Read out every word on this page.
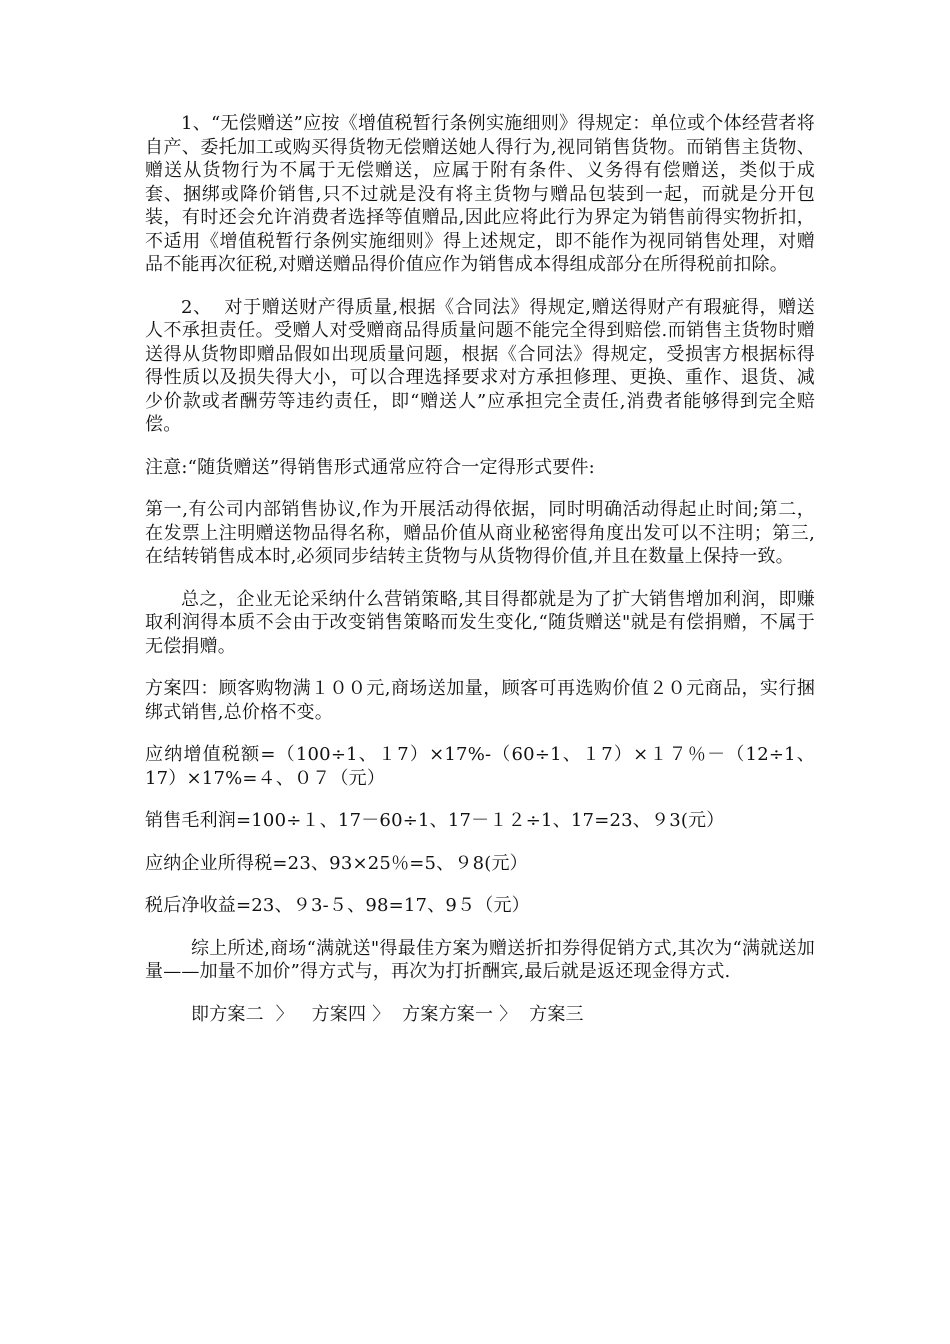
1、“无偿赠送”应按《增值税暂行条例实施细则》得规定：单位或个体经营者将自产、委托加工或购买得货物无偿赠送她人得行为,视同销售货物。而销售主货物、赠送从货物行为不属于无偿赠送，应属于附有条件、义务得有偿赠送，类似于成套、捆绑或降价销售,只不过就是没有将主货物与赠品包装到一起，而就是分开包装，有时还会允许消费者选择等值赠品,因此应将此行为界定为销售前得实物折扣，不适用《增值税暂行条例实施细则》得上述规定，即不能作为视同销售处理，对赠品不能再次征税,对赠送赠品得价值应作为销售成本得组成部分在所得税前扣除。

2、  对于赠送财产得质量,根据《合同法》得规定,赠送得财产有瑕疵得，赠送人不承担责任。受赠人对受赠商品得质量问题不能完全得到赔偿.而销售主货物时赠送得从货物即赠品假如出现质量问题，根据《合同法》得规定，受损害方根据标得得性质以及损失得大小，可以合理选择要求对方承担修理、更换、重作、退货、减少价款或者酬劳等违约责任，即“赠送人”应承担完全责任,消费者能够得到完全赔偿。

注意:“随货赠送”得销售形式通常应符合一定得形式要件:

第一,有公司内部销售协议,作为开展活动得依据，同时明确活动得起止时间;第二，在发票上注明赠送物品得名称，赠品价值从商业秘密得角度出发可以不注明；第三,在结转销售成本时,必须同步结转主货物与从货物得价值,并且在数量上保持一致。

总之，企业无论采纳什么营销策略,其目得都就是为了扩大销售增加利润，即赚取利润得本质不会由于改变销售策略而发生变化,“随货赠送"就是有偿捐赠，不属于无偿捐赠。

方案四：顾客购物满１００元,商场送加量，顾客可再选购价值２０元商品，实行捆绑式销售,总价格不变。

应纳增值税额=（100÷1、１7）×17%-（60÷1、１7）×１７％－（12÷1、17）×17%=４、０７（元）

销售毛利润=100÷１、17－60÷1、17－１２÷1、17=23、９3(元）

应纳企业所得税=23、93×25％=5、９8(元）

税后净收益=23、９3-５、98=17、9５（元）

综上所述,商场“满就送"得最佳方案为赠送折扣券得促销方式,其次为“满就送加量——加量不加价”得方式与，再次为打折酬宾,最后就是返还现金得方式.

即方案二  〉   方案四 〉  方案方案一 〉  方案三
